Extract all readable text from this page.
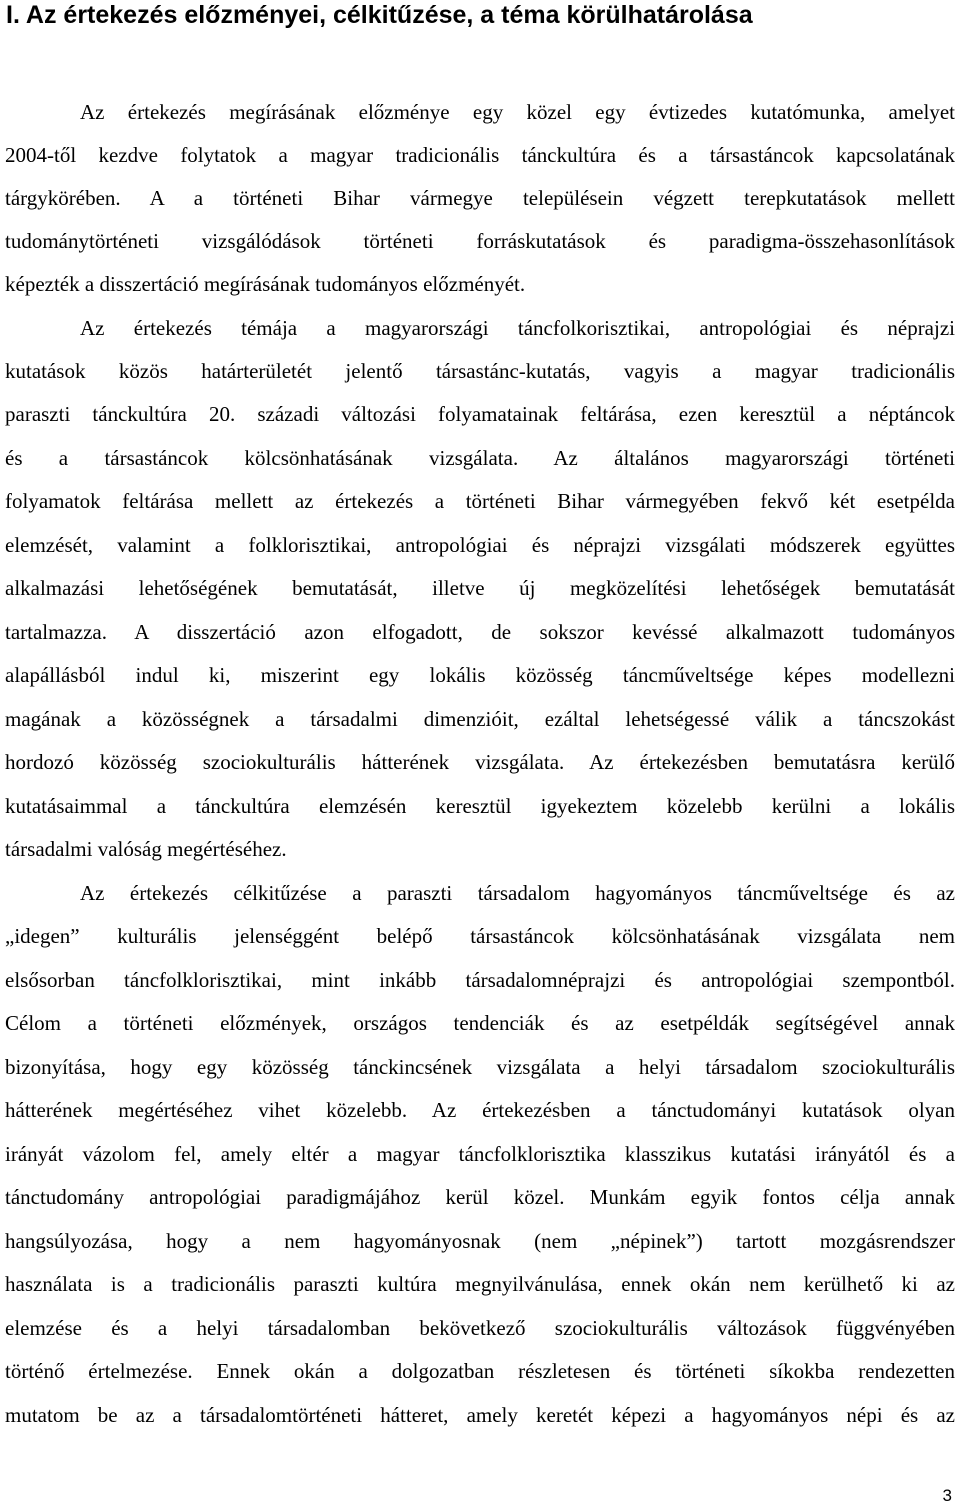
I. Az értekezés előzményei, célkitűzése, a téma körülhatárolása
Az értekezés megírásának előzménye egy közel egy évtizedes kutatómunka, amelyet
2004-től kezdve folytatok a magyar tradicionális tánckultúra és a társastáncok kapcsolatának
tárgykörében. A a történeti Bihar vármegye településein végzett terepkutatások mellett
tudománytörténeti vizsgálódások történeti forráskutatások és paradigma-összehasonlítások
képezték a disszertáció megírásának tudományos előzményét.
Az értekezés témája a magyarországi táncfolkorisztikai, antropológiai és néprajzi
kutatások közös határterületét jelentő társastánc-kutatás, vagyis a magyar tradicionális
paraszti tánckultúra 20. századi változási folyamatainak feltárása, ezen keresztül a néptáncok
és a társastáncok kölcsönhatásának vizsgálata. Az általános magyarországi történeti
folyamatok feltárása mellett az értekezés a történeti Bihar vármegyében fekvő két esetpélda
elemzését, valamint a folklorisztikai, antropológiai és néprajzi vizsgálati módszerek együttes
alkalmazási lehetőségének bemutatását, illetve új megközelítési lehetőségek bemutatását
tartalmazza. A disszertáció azon elfogadott, de sokszor kevéssé alkalmazott tudományos
alapállásból indul ki, miszerint egy lokális közösség táncműveltsége képes modellezni
magának a közösségnek a társadalmi dimenzióit, ezáltal lehetségessé válik a táncszokást
hordozó közösség szociokulturális hátterének vizsgálata. Az értekezésben bemutatásra kerülő
kutatásaimmal a tánckultúra elemzésén keresztül igyekeztem közelebb kerülni a lokális
társadalmi valóság megértéséhez.
Az értekezés célkitűzése a paraszti társadalom hagyományos táncműveltsége és az
„idegen” kulturális jelenséggént belépő társastáncok kölcsönhatásának vizsgálata nem
elsősorban táncfolklorisztikai, mint inkább társadalomnéprajzi és antropológiai szempontból.
Célom a történeti előzmények, országos tendenciák és az esetpéldák segítségével annak
bizonyítása, hogy egy közösség tánckincsének vizsgálata a helyi társadalom szociokulturális
hátterének megértéséhez vihet közelebb. Az értekezésben a tánctudományi kutatások olyan
irányát vázolom fel, amely eltér a magyar táncfolklorisztika klasszikus kutatási irányától és a
tánctudomány antropológiai paradigmájához kerül közel. Munkám egyik fontos célja annak
hangsúlyozása, hogy a nem hagyományosnak (nem „népinek”) tartott mozgásrendszer
használata is a tradicionális paraszti kultúra megnyilvánulása, ennek okán nem kerülhető ki az
elemzése és a helyi társadalomban bekövetkező szociokulturális változások függvényében
történő értelmezése. Ennek okán a dolgozatban részletesen és történeti síkokba rendezetten
mutatom be az a társadalomtörténeti hátteret, amely keretét képezi a hagyományos népi és az
3
